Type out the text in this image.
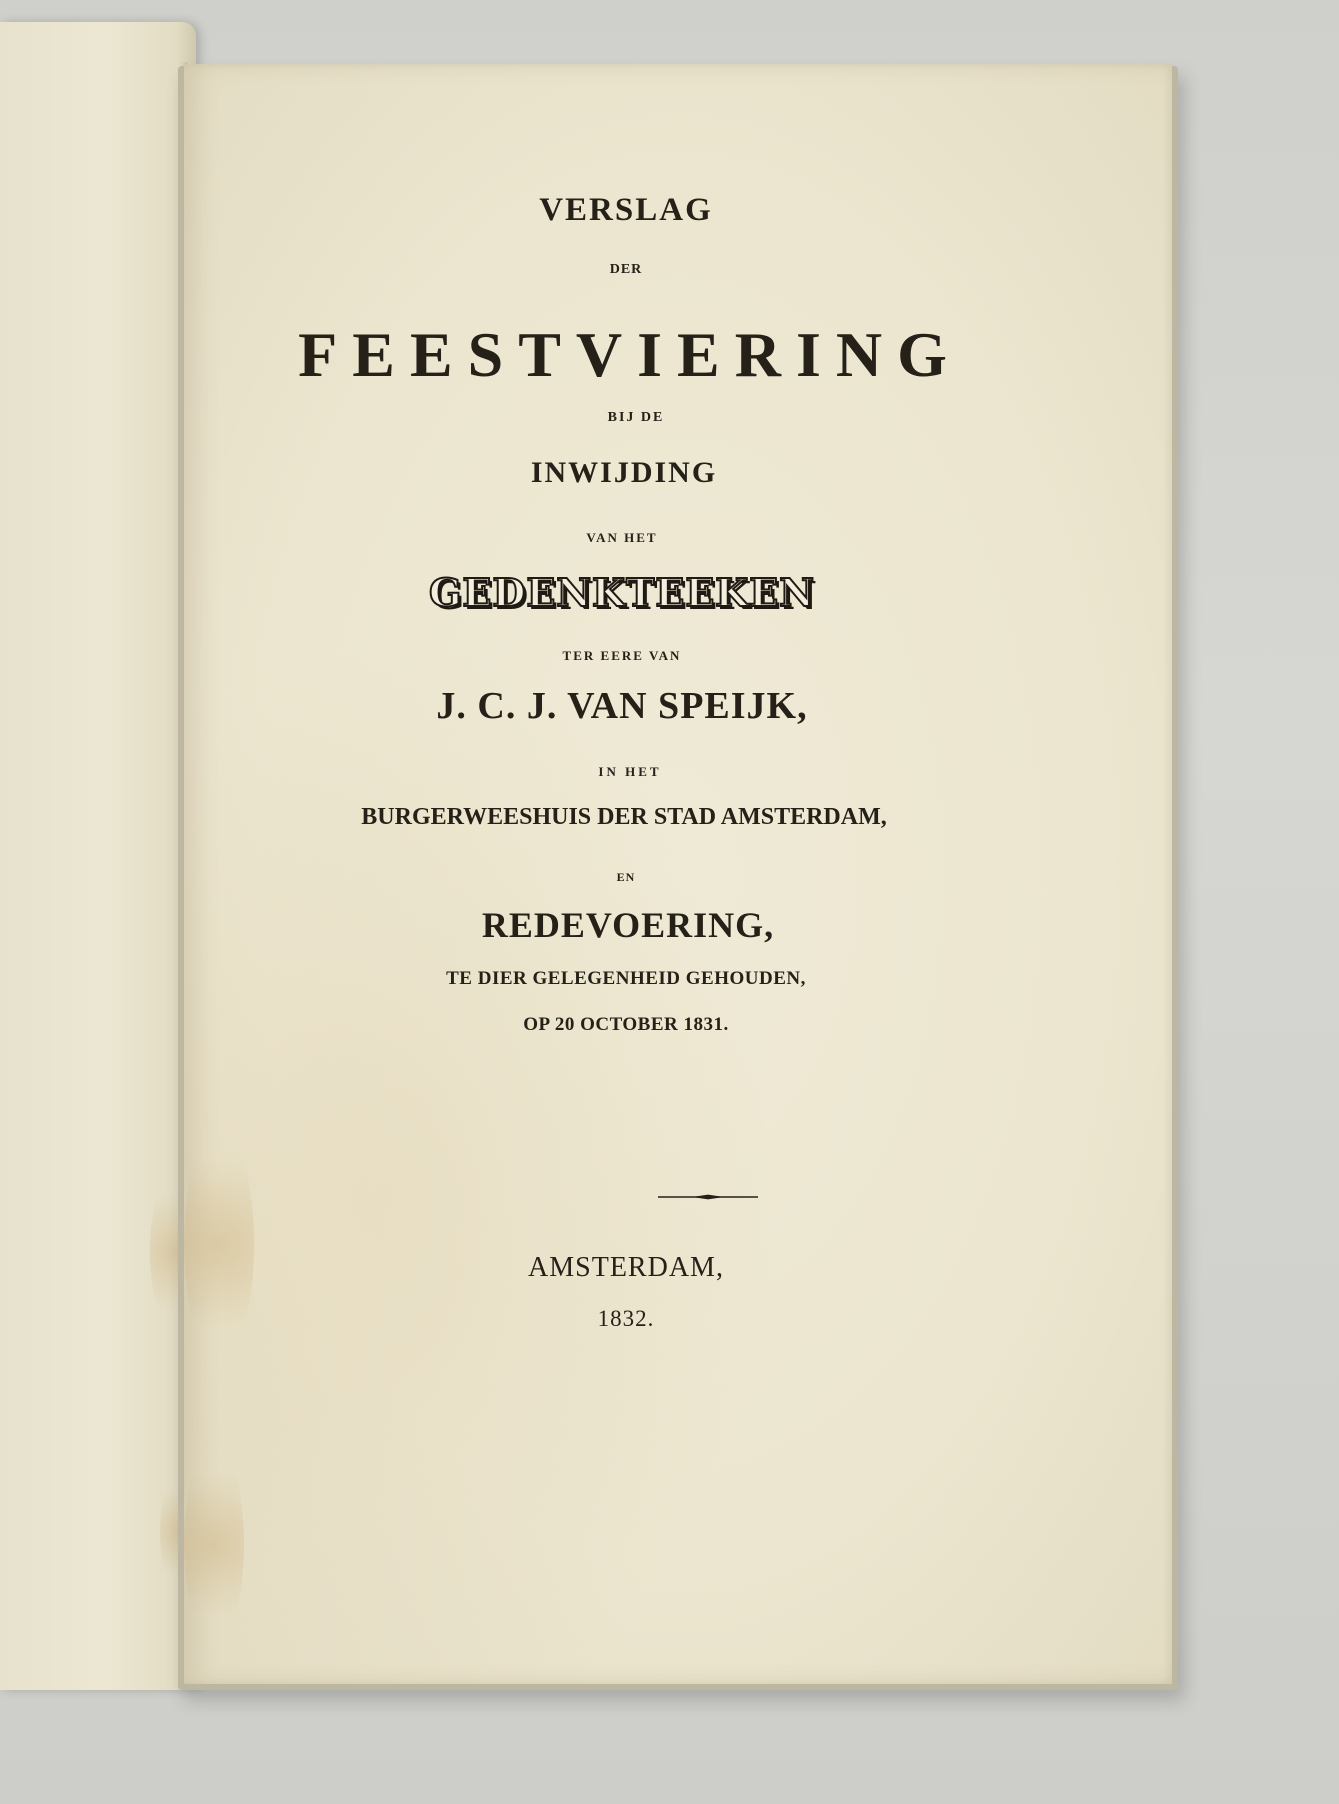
VERSLAG
DER
FEESTVIERING
BIJ DE
INWIJDING
VAN HET
GEDENKTEEKEN
TER EERE VAN
J. C. J. VAN SPEIJK,
IN HET
BURGERWEESHUIS DER STAD AMSTERDAM,
EN
REDEVOERING,
TE DIER GELEGENHEID GEHOUDEN,
OP 20 OCTOBER 1831.
AMSTERDAM,
1832.
